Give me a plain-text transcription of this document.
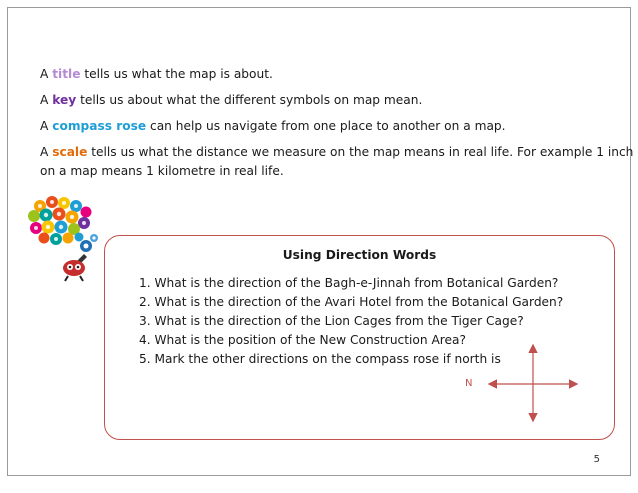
A title tells us what the map is about.
A key tells us about what the different symbols on map mean.
A compass rose can help us navigate from one place to another on a map.
A scale tells us what the distance we measure on the map means in real life. For example 1 inch
on a map means 1 kilometre in real life.
Using Direction Words
1. What is the direction of the Bagh-e-Jinnah from Botanical Garden?
2. What is the direction of the Avari Hotel from the Botanical Garden?
3. What is the direction of the Lion Cages from the Tiger Cage?
4. What is the position of the New Construction Area?
5. Mark the other directions on the compass rose if north is
N
5
